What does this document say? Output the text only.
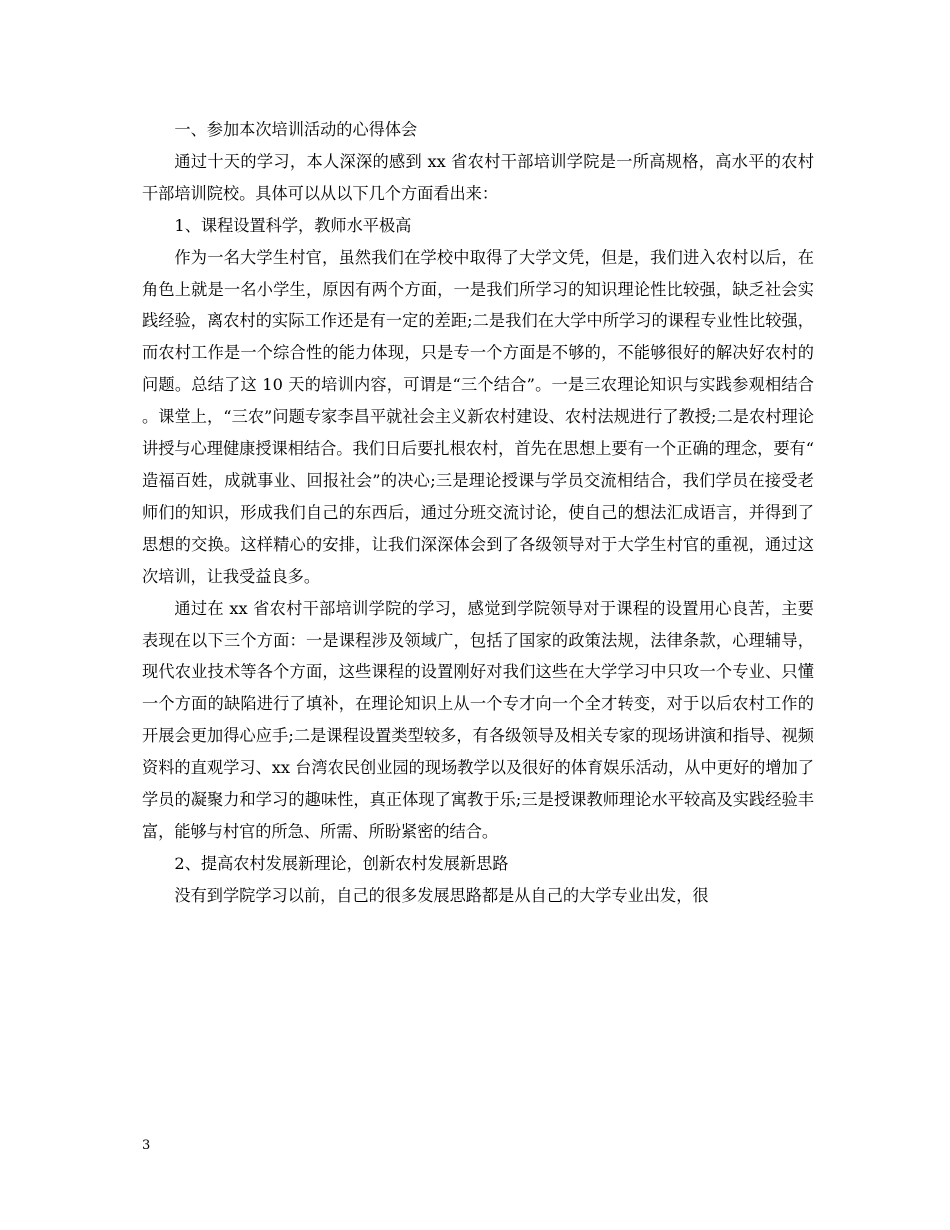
一、参加本次培训活动的心得体会

通过十天的学习，本人深深的感到 xx 省农村干部培训学院是一所高规格，高水平的农村干部培训院校。具体可以从以下几个方面看出来：

1、课程设置科学，教师水平极高

作为一名大学生村官，虽然我们在学校中取得了大学文凭，但是，我们进入农村以后，在角色上就是一名小学生，原因有两个方面，一是我们所学习的知识理论性比较强，缺乏社会实践经验，离农村的实际工作还是有一定的差距;二是我们在大学中所学习的课程专业性比较强，而农村工作是一个综合性的能力体现，只是专一个方面是不够的，不能够很好的解决好农村的问题。总结了这 10 天的培训内容，可谓是“三个结合”。一是三农理论知识与实践参观相结合。课堂上，“三农”问题专家李昌平就社会主义新农村建设、农村法规进行了教授;二是农村理论讲授与心理健康授课相结合。我们日后要扎根农村，首先在思想上要有一个正确的理念，要有“造福百姓，成就事业、回报社会”的决心;三是理论授课与学员交流相结合，我们学员在接受老师们的知识，形成我们自己的东西后，通过分班交流讨论，使自己的想法汇成语言，并得到了思想的交换。这样精心的安排，让我们深深体会到了各级领导对于大学生村官的重视，通过这次培训，让我受益良多。

通过在 xx 省农村干部培训学院的学习，感觉到学院领导对于课程的设置用心良苦，主要表现在以下三个方面：一是课程涉及领域广，包括了国家的政策法规，法律条款，心理辅导，现代农业技术等各个方面，这些课程的设置刚好对我们这些在大学学习中只攻一个专业、只懂一个方面的缺陷进行了填补，在理论知识上从一个专才向一个全才转变，对于以后农村工作的开展会更加得心应手;二是课程设置类型较多，有各级领导及相关专家的现场讲演和指导、视频资料的直观学习、xx 台湾农民创业园的现场教学以及很好的体育娱乐活动，从中更好的增加了学员的凝聚力和学习的趣味性，真正体现了寓教于乐;三是授课教师理论水平较高及实践经验丰富，能够与村官的所急、所需、所盼紧密的结合。

2、提高农村发展新理论，创新农村发展新思路

没有到学院学习以前，自己的很多发展思路都是从自己的大学专业出发，很

3
